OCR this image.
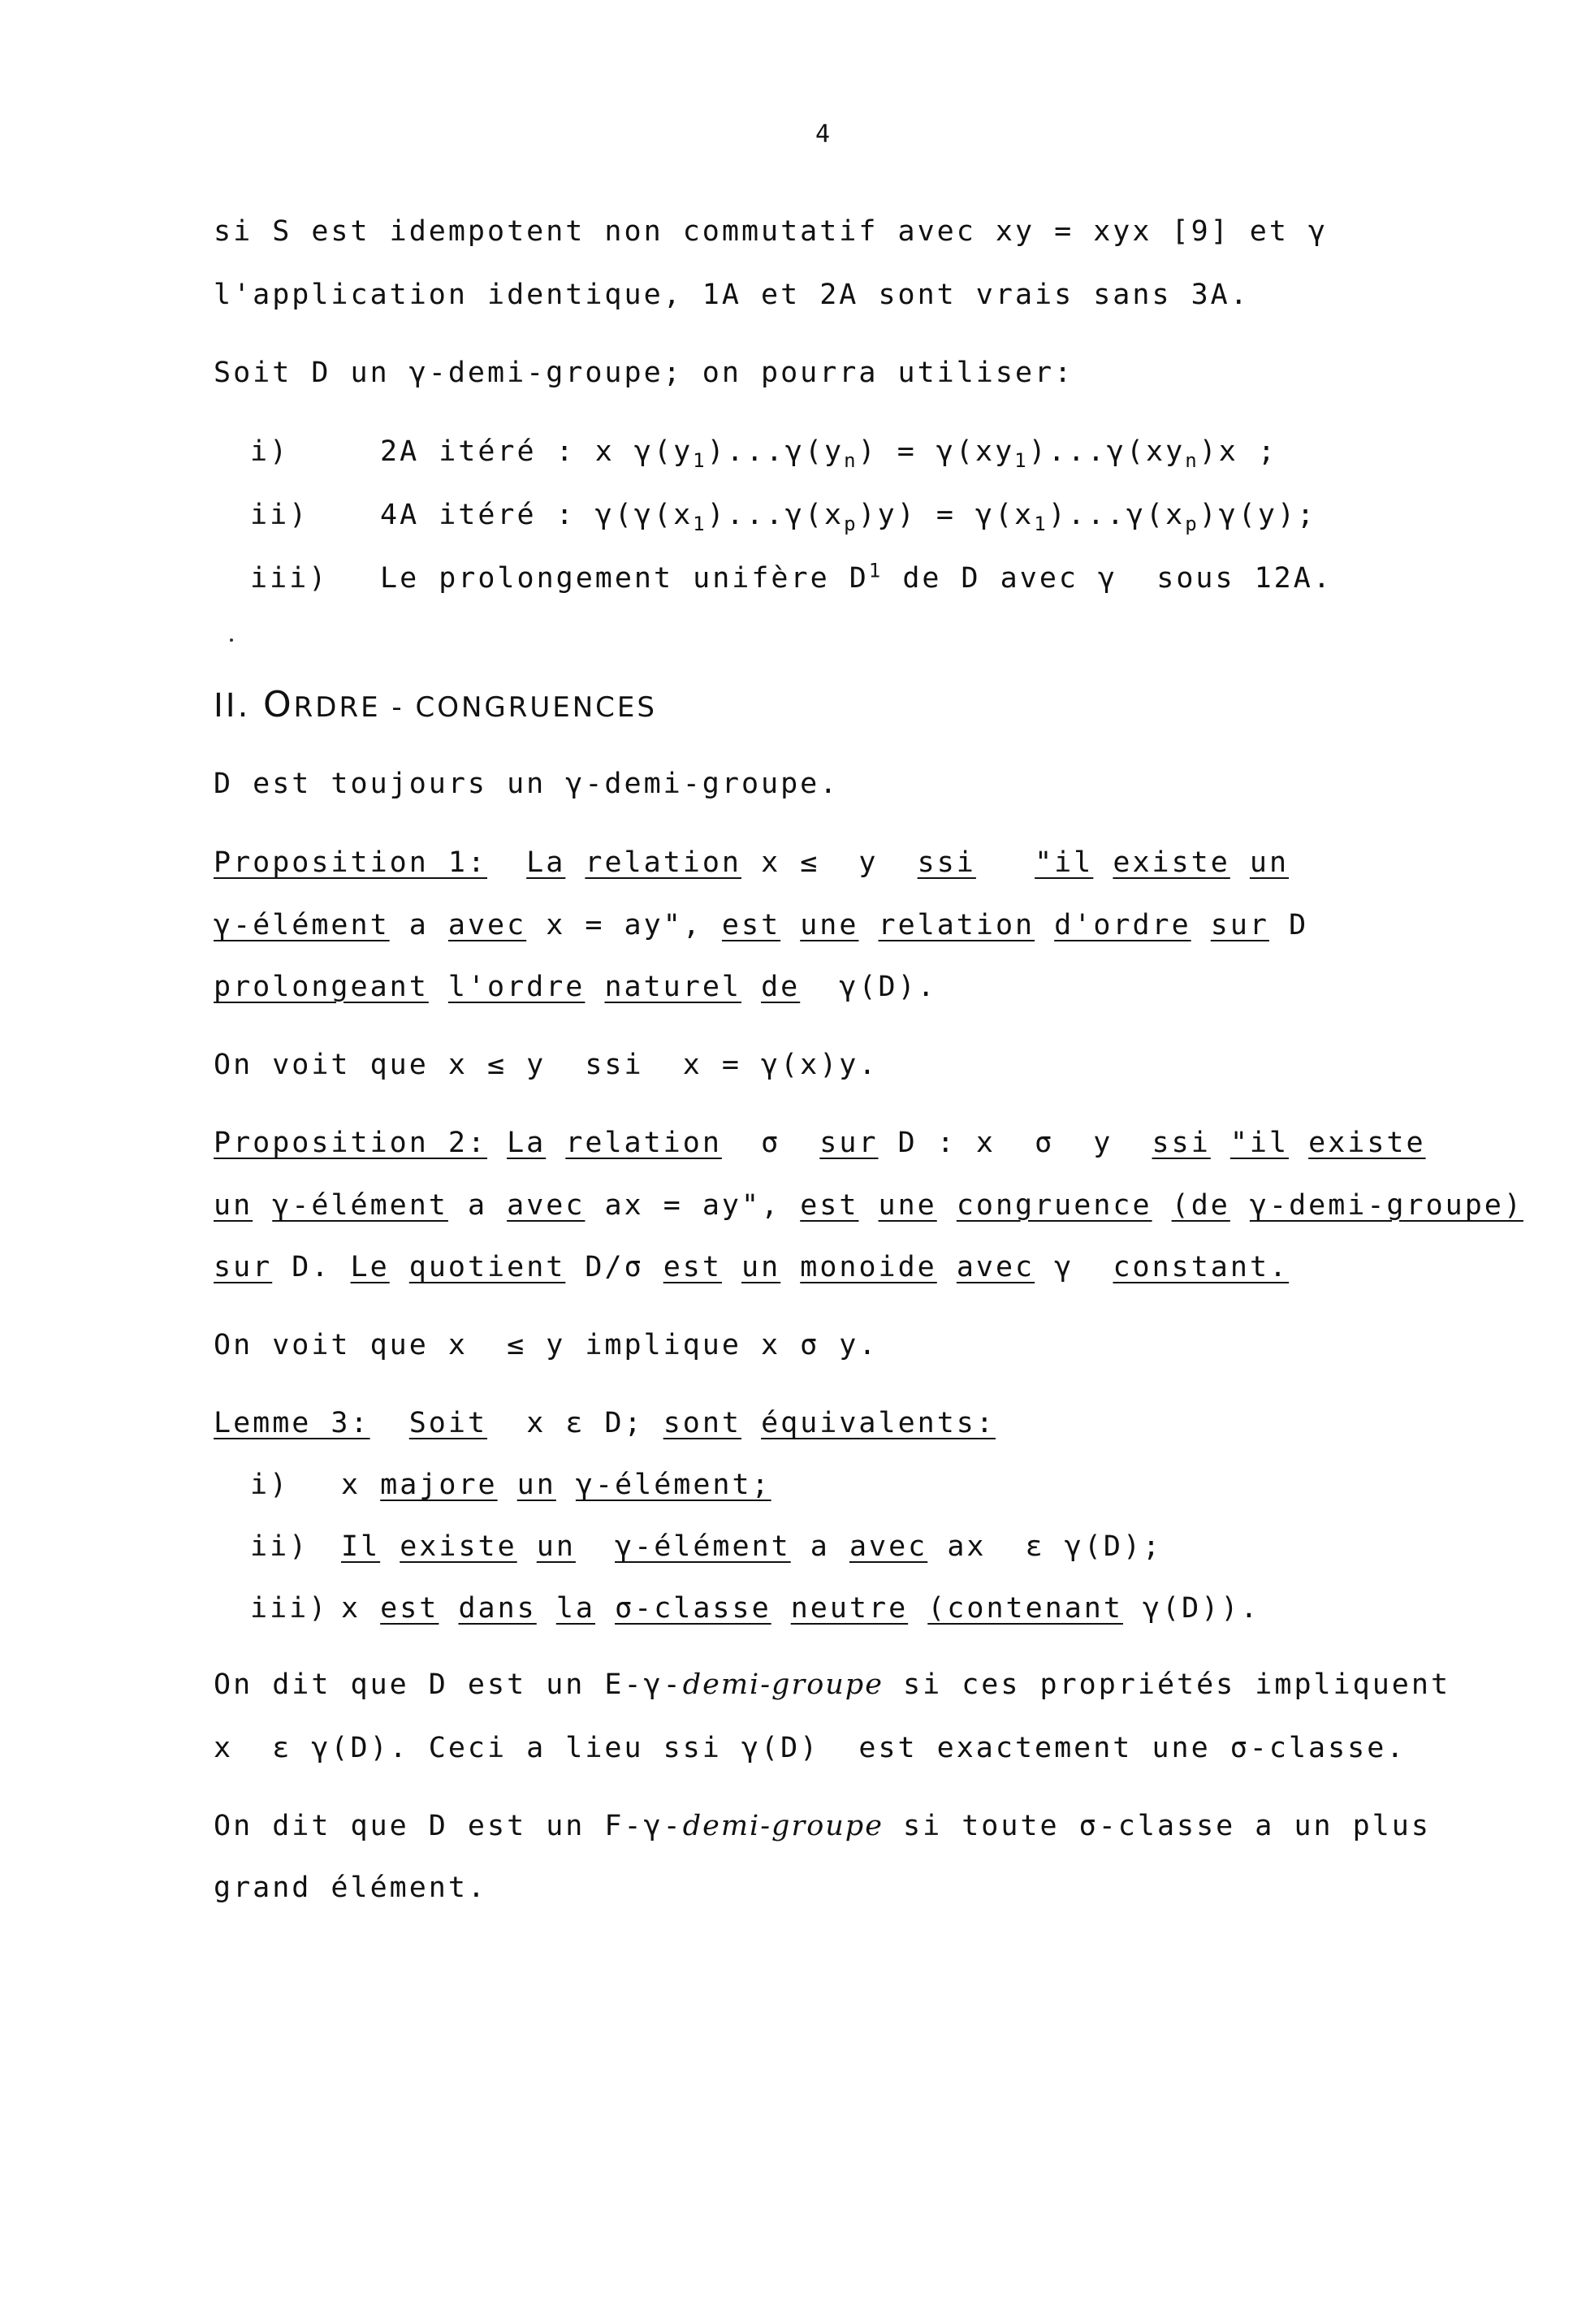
4
si S est idempotent non commutatif avec xy = xyx [9] et γ
l'application identique, 1A et 2A sont vrais sans 3A.
Soit D un γ-demi-groupe; on pourra utiliser:
i)	2A itéré : x $\gamma(y_1)...\gamma(y_n) = \gamma(xy_1)...\gamma(xy_n)x$ ;
ii)	4A itéré : $\gamma(\gamma(x_1)...\gamma(x_p)y) = \gamma(x_1)...\gamma(x_p)\gamma(y)$;
iii) Le prolongement unifère $D^1$ de D avec γ  sous 12A.
II. ORDRE - CONGRUENCES
D est toujours un γ-demi-groupe.
Proposition 1: La relation x ≤  y ssi "il existe un
γ-élément a avec x = ay", est une relation d'ordre sur D
prolongeant l'ordre naturel de γ(D).
On voit que x ≤ y  ssi  x = γ(x)y.
Proposition 2: La relation σ sur D : x  σ  y ssi "il existe
un γ-élément a avec ax = ay", est une congruence (de γ-demi-groupe)
sur D. Le quotient D/σ est un monoide avec γ constant.
On voit que x  ≤ y implique x σ y.
Lemme 3: Soit x ε D; sont équivalents:
i) x majore un γ-élément;
ii) Il existe un γ-élément a avec ax  ε γ(D);
iii) x est dans la σ-classe neutre (contenant γ(D)).
On dit que D est un E-γ-demi-groupe si ces propriétés impliquent
x  ε γ(D). Ceci a lieu ssi γ(D)  est exactement une σ-classe.
On dit que D est un F-γ-demi-groupe si toute σ-classe a un plus
grand élément.
